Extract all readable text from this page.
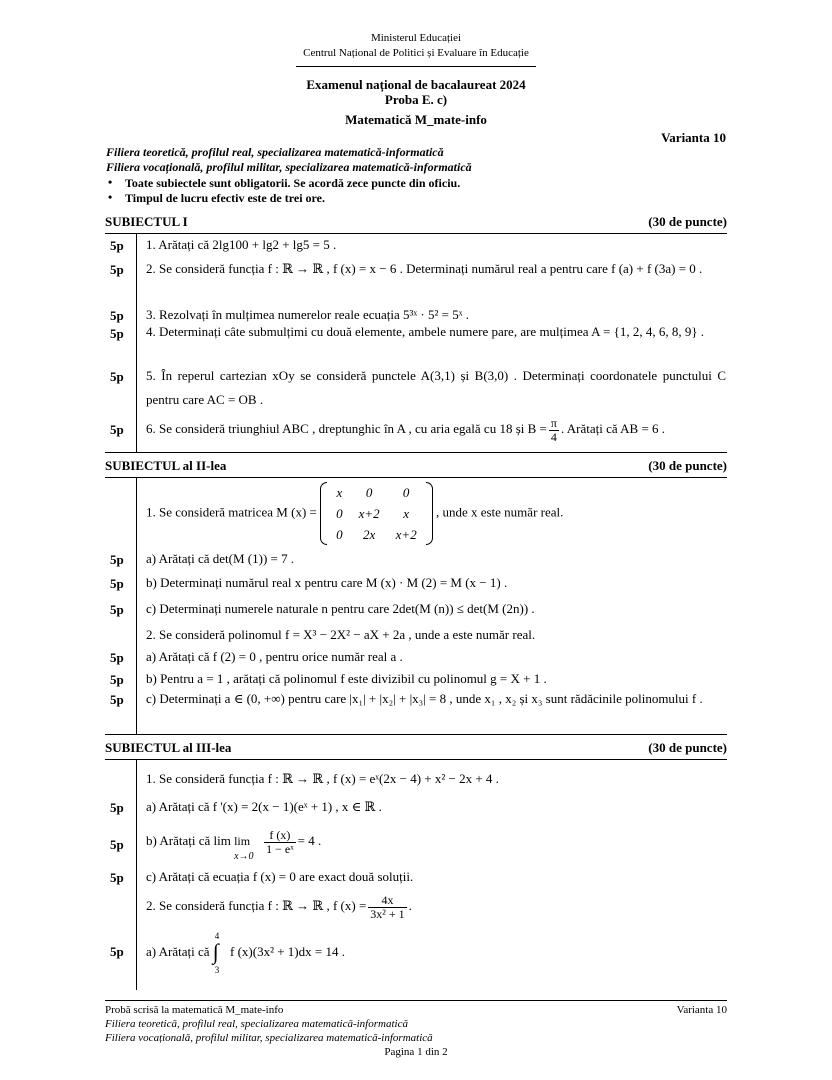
Ministerul Educației
Centrul Național de Politici și Evaluare în Educație
Examenul național de bacalaureat 2024
Proba E. c)
Matematică M_mate-info
Varianta 10
Filiera teoretică, profilul real, specializarea matematică-informatică
Filiera vocațională, profilul militar, specializarea matematică-informatică
• Toate subiectele sunt obligatorii. Se acordă zece puncte din oficiu.
• Timpul de lucru efectiv este de trei ore.
SUBIECTUL I	(30 de puncte)
5p	1. Arătați că 2lg100 + lg2 + lg5 = 5 .
5p	2. Se consideră funcția f : ℝ → ℝ , f (x) = x − 6 . Determinați numărul real a pentru care f (a) + f (3a) = 0 .
5p	3. Rezolvați în mulțimea numerelor reale ecuația 5³ˣ · 5² = 5ˣ .
5p	4. Determinați câte submulțimi cu două elemente, ambele numere pare, are mulțimea A = {1, 2, 4, 6, 8, 9} .
5p	5. În reperul cartezian xOy se consideră punctele A(3,1) și B(3,0) . Determinați coordonatele punctului C pentru care AC = OB .
5p	6. Se consideră triunghiul ABC , dreptunghic în A , cu aria egală cu 18 și $B = \frac{\pi}{4}$ . Arătați că AB = 6 .
SUBIECTUL al II-lea	(30 de puncte)
1. Se consideră matricea M (x) =
x	0	0
0	x+2	x
0	2x	x+2
, unde x este număr real.
5p	a) Arătați că det(M (1)) = 7 .
5p	b) Determinați numărul real x pentru care M (x) · M (2) = M (x − 1) .
5p	c) Determinați numerele naturale n pentru care 2det(M (n)) ≤ det(M (2n)) .
2. Se consideră polinomul f = X³ − 2X² − aX + 2a , unde a este număr real.
5p	a) Arătați că f (2) = 0 , pentru orice număr real a .
5p	b) Pentru a = 1 , arătați că polinomul f este divizibil cu polinomul g = X + 1 .
5p	c) Determinați a ∈ (0, +∞) pentru care |x₁| + |x₂| + |x₃| = 8 , unde x₁ , x₂ și x₃ sunt rădăcinile polinomului f .
SUBIECTUL al III-lea	(30 de puncte)
1. Se consideră funcția f : ℝ → ℝ , f (x) = eˣ(2x − 4) + x² − 2x + 4 .
5p	a) Arătați că f '(x) = 2(x − 1)(eˣ + 1) , x ∈ ℝ .
5p	b) Arătați că lim lim
x→0
$\frac{f (x)}{\text{1 − eˣ}} = 4$ .
5p	c) Arătați că ecuația f (x) = 0 are exact două soluții.
2. Se consideră funcția f : ℝ → ℝ , f $(x) = \frac{4x}{\text{3x² + 1}}$ .
5p	a) Arătați că
4
∫
3
f (x)(3x² + 1)dx = 14 .
Probă scrisă la matematică M_mate-info	Varianta 10
Filiera teoretică, profilul real, specializarea matematică-informatică
Filiera vocațională, profilul militar, specializarea matematică-informatică
Pagina 1 din 2
